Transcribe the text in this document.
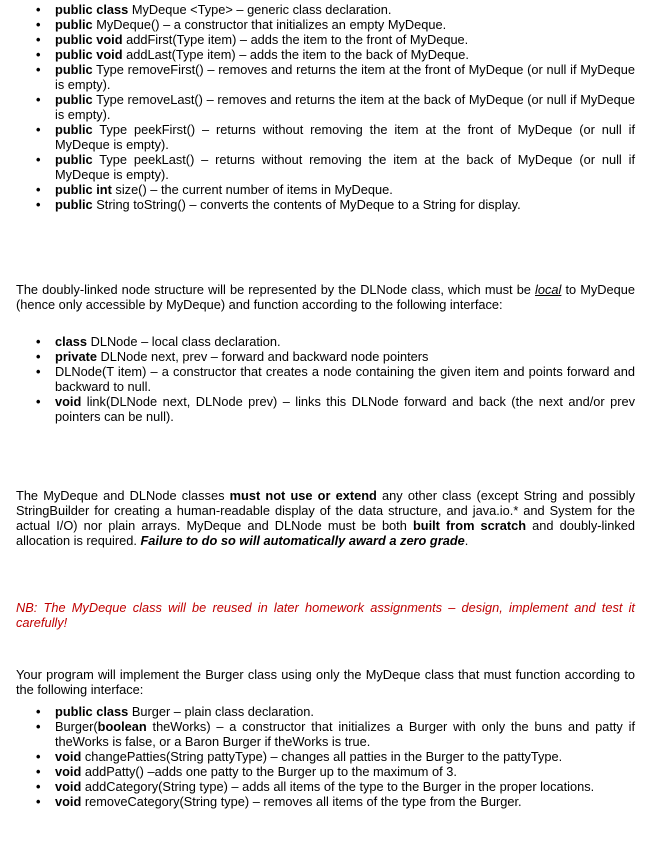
• public class MyDeque <Type> – generic class declaration.
• public MyDeque() – a constructor that initializes an empty MyDeque.
• public void addFirst(Type item) – adds the item to the front of MyDeque.
• public void addLast(Type item) – adds the item to the back of MyDeque.
• public Type removeFirst() – removes and returns the item at the front of MyDeque (or null if MyDeque is empty).
• public Type removeLast() – removes and returns the item at the back of MyDeque (or null if MyDeque is empty).
• public Type peekFirst() – returns without removing the item at the front of MyDeque (or null if MyDeque is empty).
• public Type peekLast() – returns without removing the item at the back of MyDeque (or null if MyDeque is empty).
• public int size() – the current number of items in MyDeque.
• public String toString() – converts the contents of MyDeque to a String for display.

The doubly-linked node structure will be represented by the DLNode class, which must be local to MyDeque (hence only accessible by MyDeque) and function according to the following interface:

• class DLNode – local class declaration.
• private DLNode next, prev – forward and backward node pointers
• DLNode(T item) – a constructor that creates a node containing the given item and points forward and backward to null.
• void link(DLNode next, DLNode prev) – links this DLNode forward and back (the next and/or prev pointers can be null).

The MyDeque and DLNode classes must not use or extend any other class (except String and possibly StringBuilder for creating a human-readable display of the data structure, and java.io.* and System for the actual I/O) nor plain arrays. MyDeque and DLNode must be both built from scratch and doubly-linked allocation is required. Failure to do so will automatically award a zero grade.

NB: The MyDeque class will be reused in later homework assignments – design, implement and test it carefully!

Your program will implement the Burger class using only the MyDeque class that must function according to the following interface:

• public class Burger – plain class declaration.
• Burger(boolean theWorks) – a constructor that initializes a Burger with only the buns and patty if theWorks is false, or a Baron Burger if theWorks is true.
• void changePatties(String pattyType) – changes all patties in the Burger to the pattyType.
• void addPatty() –adds one patty to the Burger up to the maximum of 3.
• void addCategory(String type) – adds all items of the type to the Burger in the proper locations.
• void removeCategory(String type) – removes all items of the type from the Burger.
